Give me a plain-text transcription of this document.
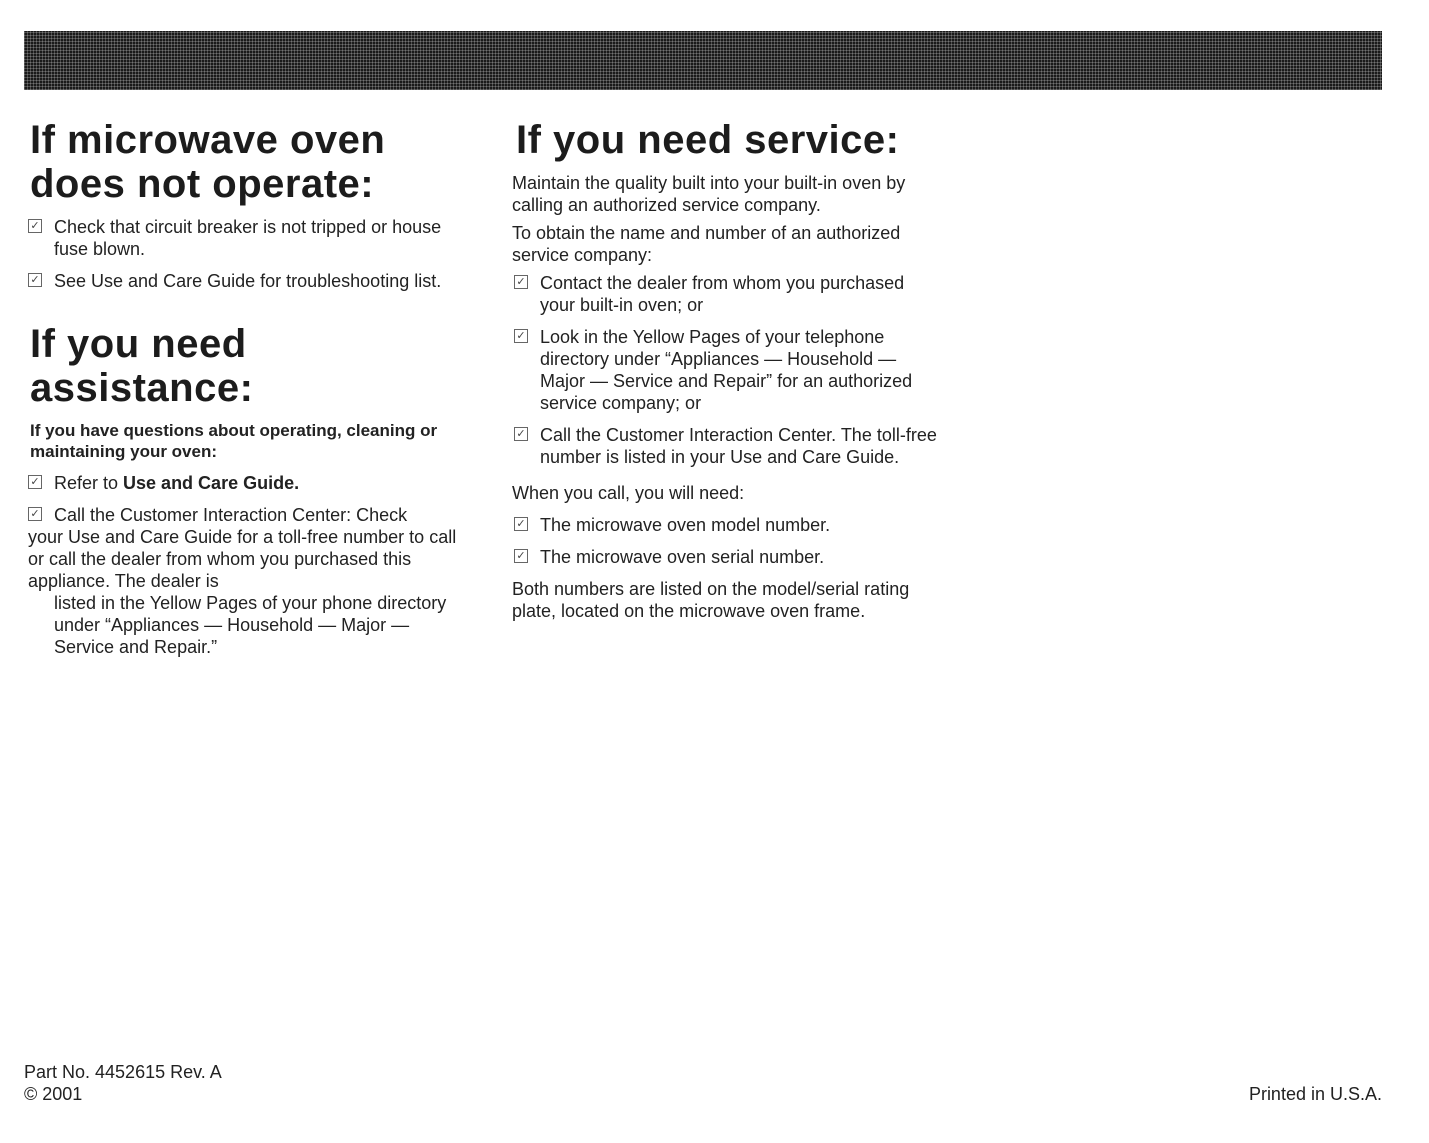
If microwave oven does not operate:
✓ Check that circuit breaker is not tripped or house fuse blown.
✓ See Use and Care Guide for troubleshooting list.
If you need assistance:

If you have questions about operating, cleaning or maintaining your oven:

✓ Refer to Use and Care Guide.
✓ Call the Customer Interaction Center: Check
your Use and Care Guide for a toll-free number to call or call the dealer from whom you purchased this appliance. The dealer is

listed in the Yellow Pages of your phone directory under “Appliances — Household — Major — Service and Repair.”

If you need service:

Maintain the quality built into your built-in oven by calling an authorized service company.

To obtain the name and number of an authorized service company:

✓ Contact the dealer from whom you purchased your built-in oven; or
✓ Look in the Yellow Pages of your telephone directory under “Appliances — Household — Major — Service and Repair” for an authorized service company; or
✓ Call the Customer Interaction Center. The toll-free number is listed in your Use and Care Guide.

When you call, you will need:

✓ The microwave oven model number.
✓ The microwave oven serial number.

Both numbers are listed on the model/serial rating plate, located on the microwave oven frame.

Part No. 4452615 Rev. A
© 2001	Printed in U.S.A.
